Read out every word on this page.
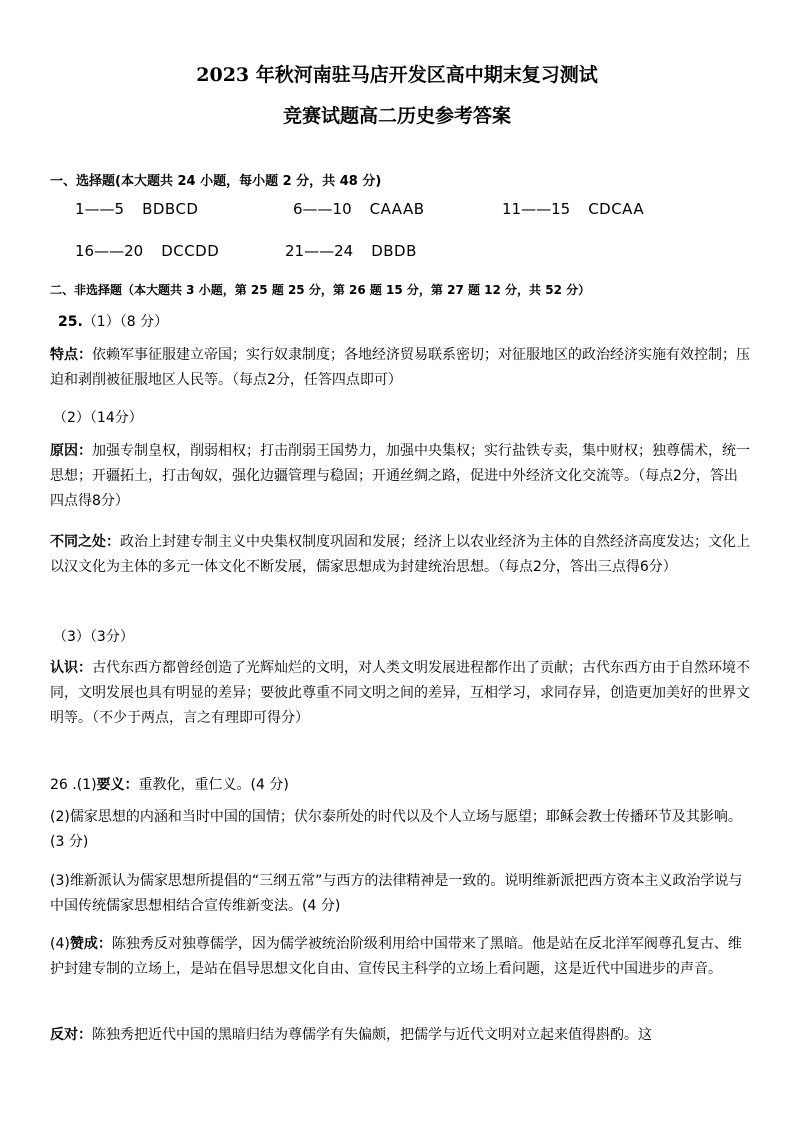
2023 年秋河南驻马店开发区高中期末复习测试
竞赛试题高二历史参考答案
一、选择题(本大题共 24 小题，每小题 2 分，共 48 分)
1——5 BDBCD	6——10 CAAAB	11——15 CDCAA
16——20 DCCDD	21——24 DBDB
二、非选择题（本大题共 3 小题，第 25 题 25 分，第 26 题 15 分，第 27 题 12 分，共 52 分）
25.（1）（8 分）
特点：依赖军事征服建立帝国；实行奴隶制度；各地经济贸易联系密切；对征服地区的政治经济实施有效控制；压迫和剥削被征服地区人民等。（每点2分，任答四点即可）
（2）（14分）
原因：加强专制皇权，削弱相权；打击削弱王国势力，加强中央集权；实行盐铁专卖，集中财权；独尊儒术，统一思想；开疆拓土，打击匈奴，强化边疆管理与稳固；开通丝绸之路，促进中外经济文化交流等。（每点2分，答出四点得8分）
不同之处：政治上封建专制主义中央集权制度巩固和发展；经济上以农业经济为主体的自然经济高度发达；文化上以汉文化为主体的多元一体文化不断发展，儒家思想成为封建统治思想。（每点2分，答出三点得6分）
（3）（3分）
认识：古代东西方都曾经创造了光辉灿烂的文明，对人类文明发展进程都作出了贡献；古代东西方由于自然环境不同，文明发展也具有明显的差异；要彼此尊重不同文明之间的差异，互相学习，求同存异，创造更加美好的世界文明等。（不少于两点，言之有理即可得分）
26 .(1)要义：重教化，重仁义。(4 分)
(2)儒家思想的内涵和当时中国的国情；伏尔泰所处的时代以及个人立场与愿望；耶稣会教士传播环节及其影响。(3 分)
(3)维新派认为儒家思想所提倡的“三纲五常”与西方的法律精神是一致的。说明维新派把西方资本主义政治学说与中国传统儒家思想相结合宣传维新变法。(4 分)
(4)赞成：陈独秀反对独尊儒学，因为儒学被统治阶级利用给中国带来了黑暗。他是站在反北洋军阀尊孔复古、维护封建专制的立场上，是站在倡导思想文化自由、宣传民主科学的立场上看问题，这是近代中国进步的声音。
反对：陈独秀把近代中国的黑暗归结为尊儒学有失偏颇，把儒学与近代文明对立起来值得斟酌。这
